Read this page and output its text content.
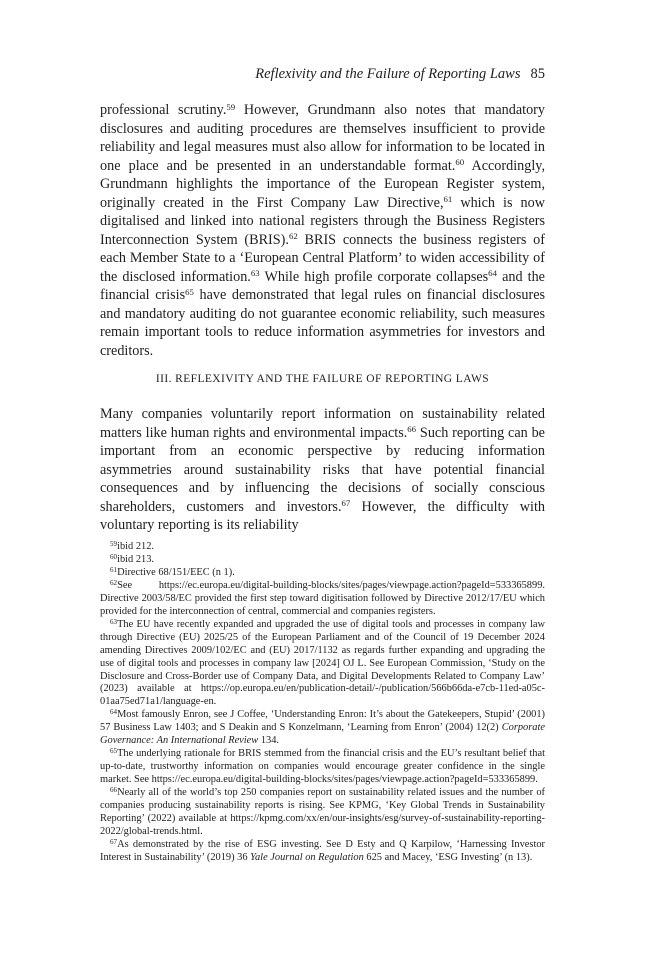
Reflexivity and the Failure of Reporting Laws 85
professional scrutiny.$^{59}$ However, Grundmann also notes that mandatory disclosures and auditing procedures are themselves insufficient to provide reliability and legal measures must also allow for information to be located in one place and be presented in an understandable format.$^{60}$ Accordingly, Grundmann highlights the importance of the European Register system, originally created in the First Company Law Directive,$^{61}$ which is now digitalised and linked into national registers through the Business Registers Interconnection System (BRIS).$^{62}$ BRIS connects the business registers of each Member State to a ‘European Central Platform’ to widen accessibility of the disclosed information.$^{63}$ While high profile corporate collapses$^{64}$ and the financial crisis$^{65}$ have demonstrated that legal rules on financial disclosures and mandatory auditing do not guarantee economic reliability, such measures remain important tools to reduce information asymmetries for investors and creditors.
III. REFLEXIVITY AND THE FAILURE OF REPORTING LAWS
Many companies voluntarily report information on sustainability related matters like human rights and environmental impacts.$^{66}$ Such reporting can be important from an economic perspective by reducing information asymmetries around sustainability risks that have potential financial consequences and by influencing the decisions of socially conscious shareholders, customers and investors.$^{67}$ However, the difficulty with voluntary reporting is its reliability

$^{59}$ibid 212.

$^{60}$ibid 213.

$^{61}$Directive 68/151/EEC (n 1).

$^{62}$See https://ec.europa.eu/digital-building-blocks/sites/pages/viewpage.action?pageId=533365899. Directive 2003/58/EC provided the first step toward digitisation followed by Directive 2012/17/EU which provided for the interconnection of central, commercial and companies registers.

$^{63}$The EU have recently expanded and upgraded the use of digital tools and processes in company law through Directive (EU) 2025/25 of the European Parliament and of the Council of 19 December 2024 amending Directives 2009/102/EC and (EU) 2017/1132 as regards further expanding and upgrading the use of digital tools and processes in company law [2024] OJ L. See European Commission, ‘Study on the Disclosure and Cross-Border use of Company Data, and Digital Developments Related to Company Law’ (2023) available at https://op.europa.eu/en/publication-detail/-/publication/566b66da-e7cb-11ed-a05c-01aa75ed71a1/language-en.

$^{64}$Most famously Enron, see J Coffee, ‘Understanding Enron: It’s about the Gatekeepers, Stupid’ (2001) 57 Business Law 1403; and S Deakin and S Konzelmann, ‘Learning from Enron’ (2004) 12(2) Corporate Governance: An International Review 134.

$^{65}$The underlying rationale for BRIS stemmed from the financial crisis and the EU’s resultant belief that up-to-date, trustworthy information on companies would encourage greater confidence in the single market. See https://ec.europa.eu/digital-building-blocks/sites/pages/viewpage.action?pageId=533365899.

$^{66}$Nearly all of the world’s top 250 companies report on sustainability related issues and the number of companies producing sustainability reports is rising. See KPMG, ‘Key Global Trends in Sustainability Reporting’ (2022) available at https://kpmg.com/xx/en/our-insights/esg/survey-of-sustainability-reporting-2022/global-trends.html.

$^{67}$As demonstrated by the rise of ESG investing. See D Esty and Q Karpilow, ‘Harnessing Investor Interest in Sustainability’ (2019) 36 Yale Journal on Regulation 625 and Macey, ‘ESG Investing’ (n 13).
